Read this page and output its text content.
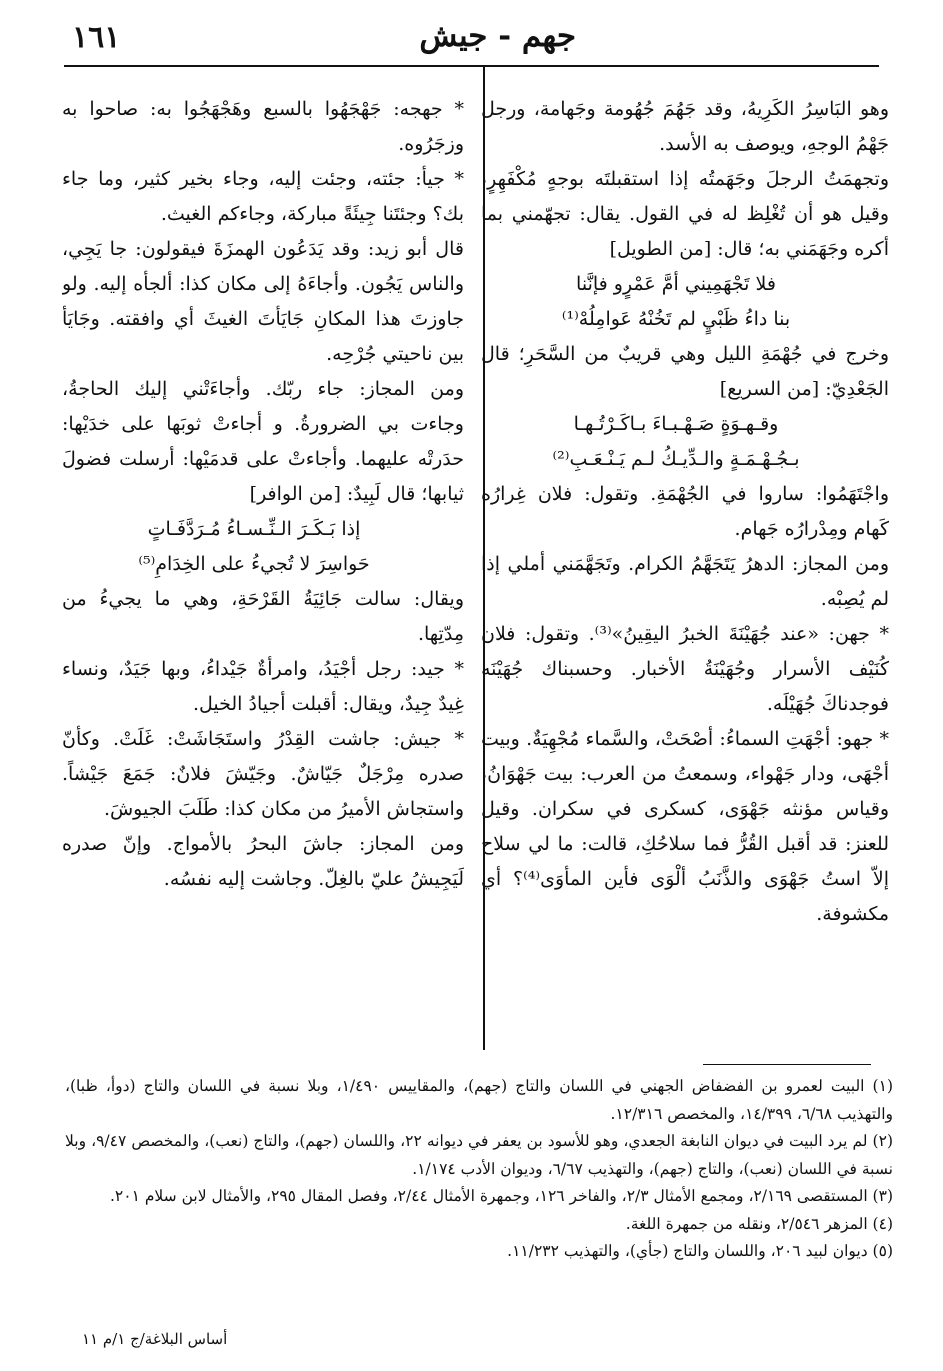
١٦١	جهم - جيش

وهو البَاسِرُ الكَرِيهُ، وقد جَهُمَ جُهُومة وجَهامة، ورجل جَهْمُ الوجهِ، ويوصف به الأسد.

وتجهمَتُ الرجلَ وجَهَمتُه إذا استقبلتَه بوجهٍ مُكْفَهِرٍ، وقيل هو أن تُغْلِظ له في القول. يقال: تجهّمني بما أكره وجَهَمَني به؛ قال: [من الطويل]

فلا تَجْهَمِيني أمَّ عَمْرٍو فإنَّنا

بنا داءُ ظَبْيٍ لم تَخُنْهُ عَوامِلُهْ⁽¹⁾

وخرج في جُهْمَةِ الليل وهي قريبٌ من السَّحَرِ؛ قال الجَعْدِيّ: [من السريع]

وقـهـوَةٍ صَـهْـبـاءَ بـاكَـرْتُـهـا

بـجُـهْـمَـةٍ والـدِّيـكُ لـم يَـنْـعَـبِ⁽²⁾

واجْتَهَمُوا: ساروا في الجُهْمَةِ. وتقول: فلان غِرارُه كَهام ومِدْرارُه جَهام.

ومن المجاز: الدهرُ يَتَجَهَّمُ الكرام. وتَجَهَّمَني أملي إذا لم يُصِبْه.

* جهن: «عند جُهَيْنَةَ الخبرُ اليقِينُ»⁽³⁾. وتقول: فلان كُنَيْف الأسرار وجُهَيْنَةُ الأخبار. وحسبناك جُهَيْنَه فوجدناكَ جُهَيْلَه.

* جهو: أجْهَتِ السماءُ: أصْحَتْ، والسَّماء مُجْهِيَةٌ. وبيت أجْهَى، ودار جَهْواء، وسمعتُ من العرب: بيت جَهْوَانُ، وقياس مؤنثه جَهْوَى، كسكرى في سكران. وقيل للعنز: قد أقبل القُرُّ فما سلاحُكِ، قالت: ما لي سلاح إلاّ استُ جَهْوَى والذَّنَبُ ألْوَى فأين المأوَى⁽⁴⁾؟ أي مكشوفة.

* جهجه: جَهْجَهُوا بالسبع وهَجْهَجُوا به: صاحوا به وزجَرُوه.

* جيأ: جئته، وجئت إليه، وجاء بخير كثير، وما جاء بك؟ وجئتَنا جِيئَةً مباركة، وجاءكم الغيث.

قال أبو زيد: وقد يَدَعُون الهمزَةَ فيقولون: جا يَجِي، والناس يَجُون. وأجاءَهُ إلى مكان كذا: ألجأه إليه. ولو جاوزتَ هذا المكانِ جَايَأتَ الغيثَ أي وافقته. وجَايَأ بين ناحيتي جُرْحِه.

ومن المجاز: جاء ربّك. وأجاءَتْني إليك الحاجةُ، وجاءت بي الضرورةُ. و أجاءتْ ثوبَها على خدَيْها: حدَرتْه عليهما. وأجاءتْ على قدمَيْها: أرسلت فضولَ ثيابها؛ قال لَبِيدٌ: [من الوافر]

إذا بَـكَـرَ الـنِّـسـاءُ مُـرَدَّفَـاتٍ

حَواسِرَ لا تُجيءُ على الخِدَامِ⁽⁵⁾

ويقال: سالت جَائِيَةُ القَرْحَةِ، وهي ما يجيءُ من مِدّتِها.

* جيد: رجل أجْيَدُ، وامرأةٌ جَيْداءُ، وبها جَيَدٌ، ونساء غِيدٌ جِيدٌ، ويقال: أقبلت أجيادُ الخيل.

* جيش: جاشت القِدْرُ واستَجَاشَتْ: غَلَتْ. وكأنّ صدره مِرْجَلٌ جَيّاشٌ. وجَيّشَ فلانٌ: جَمَعَ جَيْشاً. واستجاش الأميرُ من مكان كذا: طَلَبَ الجيوشَ.

ومن المجاز: جاشَ البحرُ بالأمواج. وإنّ صدره لَيَجِيشُ عليّ بالغِلّ. وجاشت إليه نفسُه.

(١) البيت لعمرو بن الفضفاض الجهني في اللسان والتاج (جهم)، والمقاييس ١/٤٩٠، وبلا نسبة في اللسان والتاج (دوأ، ظبا)، والتهذيب ٦/٦٨، ١٤/٣٩٩، والمخصص ١٢/٣١٦.

(٢) لم يرد البيت في ديوان النابغة الجعدي، وهو للأسود بن يعفر في ديوانه ٢٢، واللسان (جهم)، والتاج (نعب)، والمخصص ٩/٤٧، وبلا نسبة في اللسان (نعب)، والتاج (جهم)، والتهذيب ٦/٦٧، وديوان الأدب ١/١٧٤.

(٣) المستقصى ٢/١٦٩، ومجمع الأمثال ٢/٣، والفاخر ١٢٦، وجمهرة الأمثال ٢/٤٤، وفصل المقال ٢٩٥، والأمثال لابن سلام ٢٠١.

(٤) المزهر ٢/٥٤٦، ونقله من جمهرة اللغة.

(٥) ديوان لبيد ٢٠٦، واللسان والتاج (جأي)، والتهذيب ١١/٢٣٢.

أساس البلاغة/ج ١/م ١١
